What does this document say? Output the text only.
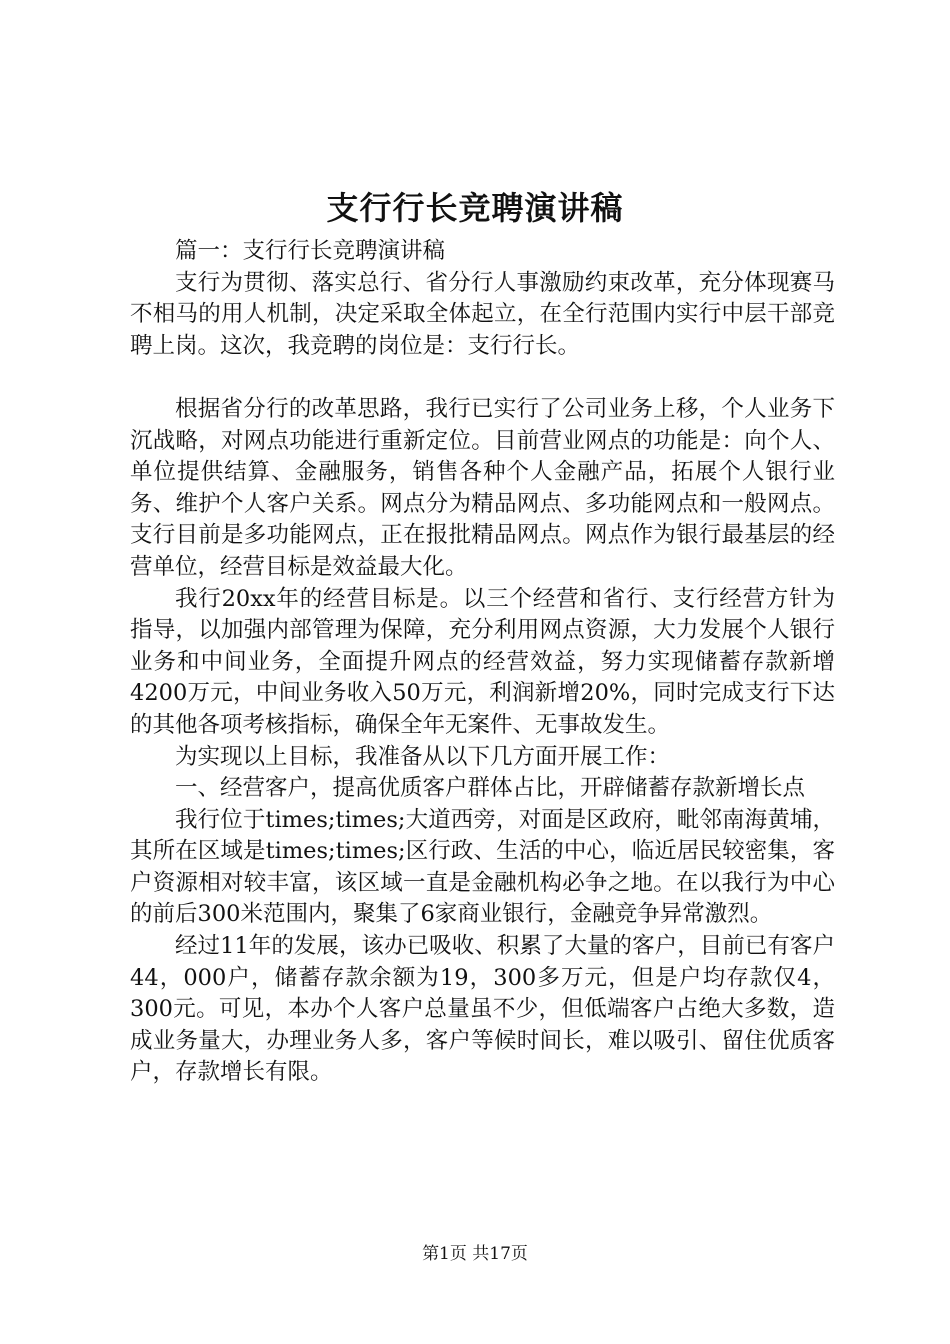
支行行长竞聘演讲稿

篇一：支行行长竞聘演讲稿

支行为贯彻、落实总行、省分行人事激励约束改革，充分体现赛马不相马的用人机制，决定采取全体起立，在全行范围内实行中层干部竞聘上岗。这次，我竞聘的岗位是：支行行长。

根据省分行的改革思路，我行已实行了公司业务上移，个人业务下沉战略，对网点功能进行重新定位。目前营业网点的功能是：向个人、单位提供结算、金融服务，销售各种个人金融产品，拓展个人银行业务、维护个人客户关系。网点分为精品网点、多功能网点和一般网点。支行目前是多功能网点，正在报批精品网点。网点作为银行最基层的经营单位，经营目标是效益最大化。

我行20xx年的经营目标是。以三个经营和省行、支行经营方针为指导，以加强内部管理为保障，充分利用网点资源，大力发展个人银行业务和中间业务，全面提升网点的经营效益，努力实现储蓄存款新增4200万元，中间业务收入50万元，利润新增20%，同时完成支行下达的其他各项考核指标，确保全年无案件、无事故发生。

为实现以上目标，我准备从以下几方面开展工作：

一、经营客户，提高优质客户群体占比，开辟储蓄存款新增长点

我行位于times;times;大道西旁，对面是区政府，毗邻南海黄埔，其所在区域是times;times;区行政、生活的中心，临近居民较密集，客户资源相对较丰富，该区域一直是金融机构必争之地。在以我行为中心的前后300米范围内，聚集了6家商业银行，金融竞争异常激烈。

经过11年的发展，该办已吸收、积累了大量的客户，目前已有客户44，000户，储蓄存款余额为19，300多万元，但是户均存款仅4，300元。可见，本办个人客户总量虽不少，但低端客户占绝大多数，造成业务量大，办理业务人多，客户等候时间长，难以吸引、留住优质客户，存款增长有限。

第1页 共17页
